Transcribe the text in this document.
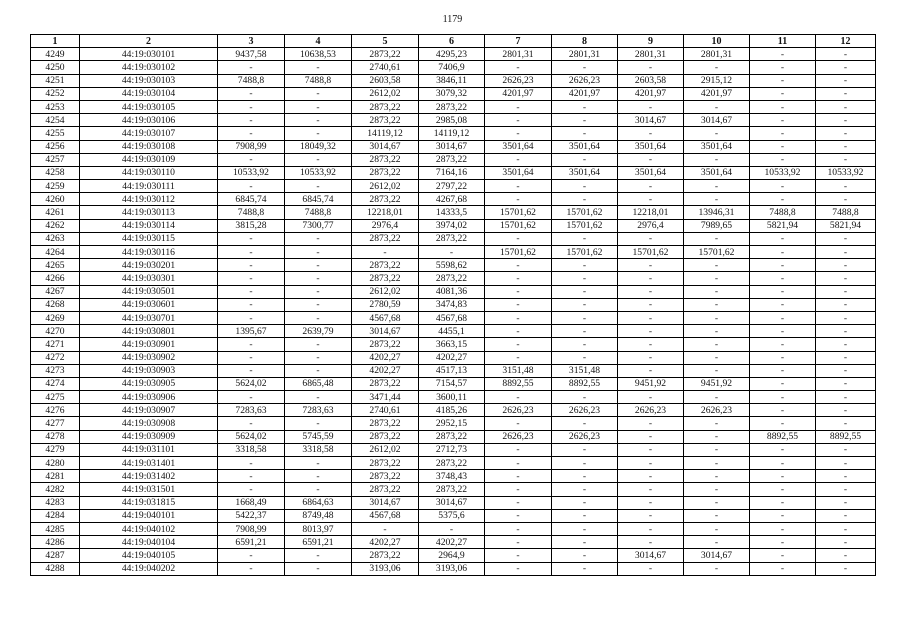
1179
1	2	3	4	5	6	7	8	9	10	11	12
4249	44:19:030101	9437,58	10638,53	2873,22	4295,23	2801,31	2801,31	2801,31	2801,31	-	-
4250	44:19:030102	-	-	2740,61	7406,9	-	-	-	-	-	-
4251	44:19:030103	7488,8	7488,8	2603,58	3846,11	2626,23	2626,23	2603,58	2915,12	-	-
4252	44:19:030104	-	-	2612,02	3079,32	4201,97	4201,97	4201,97	4201,97	-	-
4253	44:19:030105	-	-	2873,22	2873,22	-	-	-	-	-	-
4254	44:19:030106	-	-	2873,22	2985,08	-	-	3014,67	3014,67	-	-
4255	44:19:030107	-	-	14119,12	14119,12	-	-	-	-	-	-
4256	44:19:030108	7908,99	18049,32	3014,67	3014,67	3501,64	3501,64	3501,64	3501,64	-	-
4257	44:19:030109	-	-	2873,22	2873,22	-	-	-	-	-	-
4258	44:19:030110	10533,92	10533,92	2873,22	7164,16	3501,64	3501,64	3501,64	3501,64	10533,92	10533,92
4259	44:19:030111	-	-	2612,02	2797,22	-	-	-	-	-	-
4260	44:19:030112	6845,74	6845,74	2873,22	4267,68	-	-	-	-	-	-
4261	44:19:030113	7488,8	7488,8	12218,01	14333,5	15701,62	15701,62	12218,01	13946,31	7488,8	7488,8
4262	44:19:030114	3815,28	7300,77	2976,4	3974,02	15701,62	15701,62	2976,4	7989,65	5821,94	5821,94
4263	44:19:030115	-	-	2873,22	2873,22	-	-	-	-	-	-
4264	44:19:030116	-	-	-	-	15701,62	15701,62	15701,62	15701,62	-	-
4265	44:19:030201	-	-	2873,22	5598,62	-	-	-	-	-	-
4266	44:19:030301	-	-	2873,22	2873,22	-	-	-	-	-	-
4267	44:19:030501	-	-	2612,02	4081,36	-	-	-	-	-	-
4268	44:19:030601	-	-	2780,59	3474,83	-	-	-	-	-	-
4269	44:19:030701	-	-	4567,68	4567,68	-	-	-	-	-	-
4270	44:19:030801	1395,67	2639,79	3014,67	4455,1	-	-	-	-	-	-
4271	44:19:030901	-	-	2873,22	3663,15	-	-	-	-	-	-
4272	44:19:030902	-	-	4202,27	4202,27	-	-	-	-	-	-
4273	44:19:030903	-	-	4202,27	4517,13	3151,48	3151,48	-	-	-	-
4274	44:19:030905	5624,02	6865,48	2873,22	7154,57	8892,55	8892,55	9451,92	9451,92	-	-
4275	44:19:030906	-	-	3471,44	3600,11	-	-	-	-	-	-
4276	44:19:030907	7283,63	7283,63	2740,61	4185,26	2626,23	2626,23	2626,23	2626,23	-	-
4277	44:19:030908	-	-	2873,22	2952,15	-	-	-	-	-	-
4278	44:19:030909	5624,02	5745,59	2873,22	2873,22	2626,23	2626,23	-	-	8892,55	8892,55
4279	44:19:031101	3318,58	3318,58	2612,02	2712,73	-	-	-	-	-	-
4280	44:19:031401	-	-	2873,22	2873,22	-	-	-	-	-	-
4281	44:19:031402	-	-	2873,22	3748,43	-	-	-	-	-	-
4282	44:19:031501	-	-	2873,22	2873,22	-	-	-	-	-	-
4283	44:19:031815	1668,49	6864,63	3014,67	3014,67	-	-	-	-	-	-
4284	44:19:040101	5422,37	8749,48	4567,68	5375,6	-	-	-	-	-	-
4285	44:19:040102	7908,99	8013,97	-	-	-	-	-	-	-	-
4286	44:19:040104	6591,21	6591,21	4202,27	4202,27	-	-	-	-	-	-
4287	44:19:040105	-	-	2873,22	2964,9	-	-	3014,67	3014,67	-	-
4288	44:19:040202	-	-	3193,06	3193,06	-	-	-	-	-	-
